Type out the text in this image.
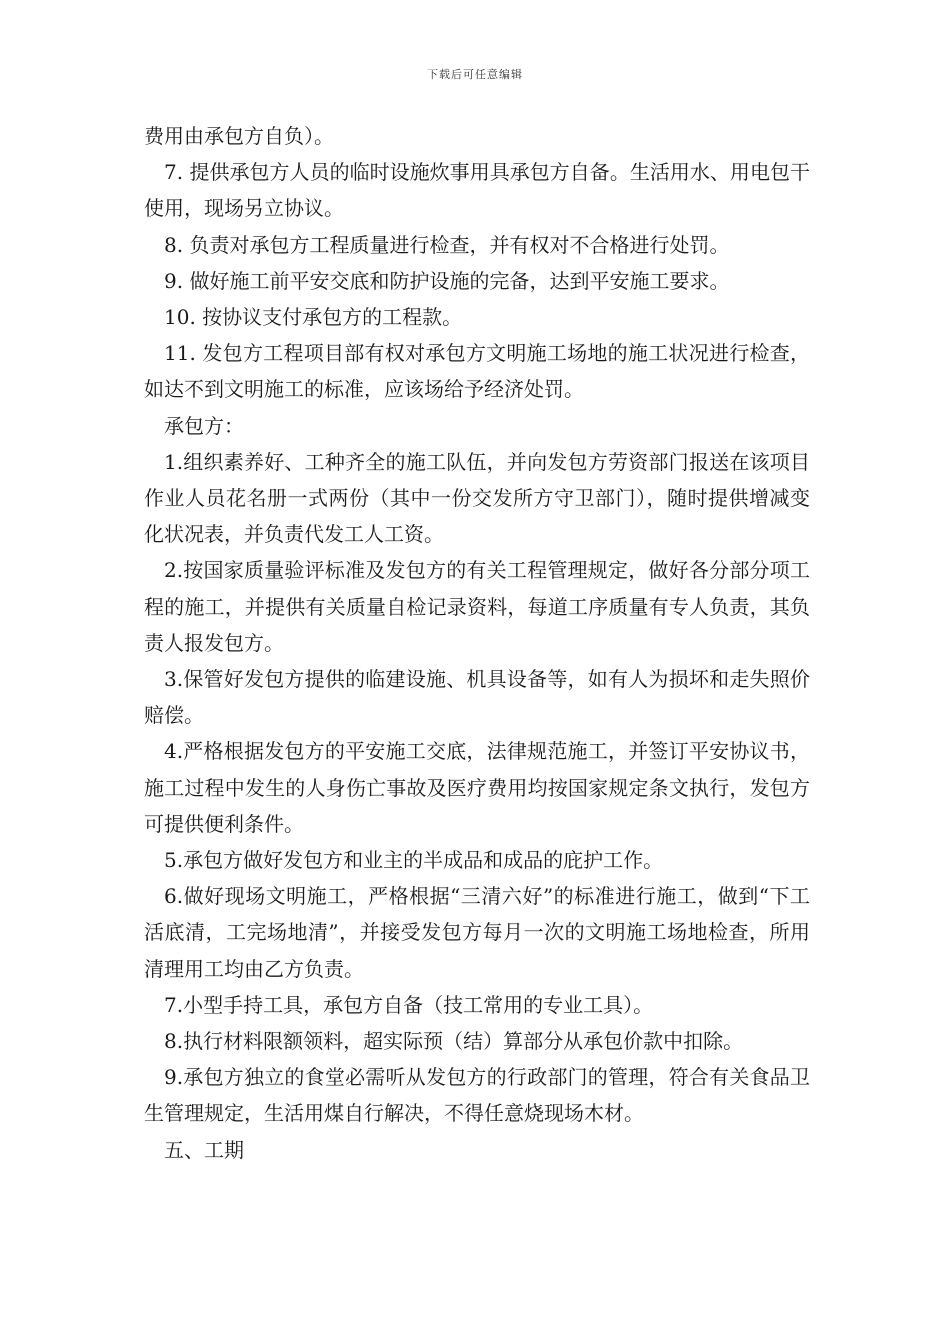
下载后可任意编辑

费用由承包方自负）。

7. 提供承包方人员的临时设施炊事用具承包方自备。生活用水、用电包干使用，现场另立协议。

8. 负责对承包方工程质量进行检查，并有权对不合格进行处罚。

9. 做好施工前平安交底和防护设施的完备，达到平安施工要求。

10. 按协议支付承包方的工程款。

11. 发包方工程项目部有权对承包方文明施工场地的施工状况进行检查，如达不到文明施工的标准，应该场给予经济处罚。

承包方：

1.组织素养好、工种齐全的施工队伍，并向发包方劳资部门报送在该项目作业人员花名册一式两份（其中一份交发所方守卫部门），随时提供增减变化状况表，并负责代发工人工资。

2.按国家质量验评标准及发包方的有关工程管理规定，做好各分部分项工程的施工，并提供有关质量自检记录资料，每道工序质量有专人负责，其负责人报发包方。

3.保管好发包方提供的临建设施、机具设备等，如有人为损坏和走失照价赔偿。

4.严格根据发包方的平安施工交底，法律规范施工，并签订平安协议书，施工过程中发生的人身伤亡事故及医疗费用均按国家规定条文执行，发包方可提供便利条件。

5.承包方做好发包方和业主的半成品和成品的庇护工作。

6.做好现场文明施工，严格根据“三清六好”的标准进行施工，做到“下工活底清，工完场地清”，并接受发包方每月一次的文明施工场地检查，所用清理用工均由乙方负责。

7.小型手持工具，承包方自备（技工常用的专业工具）。

8.执行材料限额领料，超实际预（结）算部分从承包价款中扣除。

9.承包方独立的食堂必需听从发包方的行政部门的管理，符合有关食品卫生管理规定，生活用煤自行解决，不得任意烧现场木材。

五、工期
